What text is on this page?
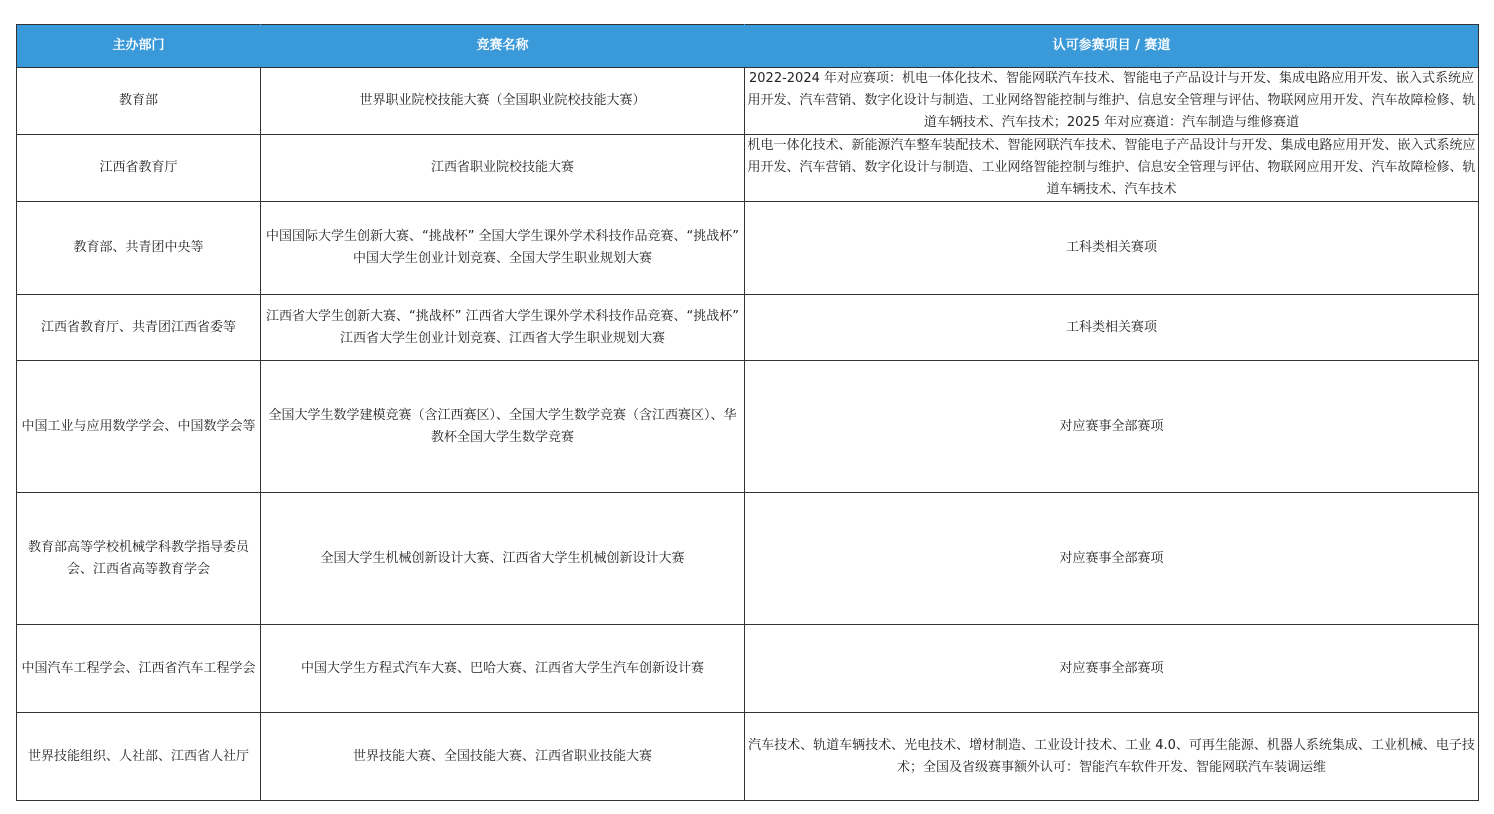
主办部门	竞赛名称	认可参赛项目 / 赛道
教育部	世界职业院校技能大赛（全国职业院校技能大赛）	2022-2024 年对应赛项：机电一体化技术、智能网联汽车技术、智能电子产品设计与开发、集成电路应用开发、嵌入式系统应用开发、汽车营销、数字化设计与制造、工业网络智能控制与维护、信息安全管理与评估、物联网应用开发、汽车故障检修、轨道车辆技术、汽车技术；2025 年对应赛道：汽车制造与维修赛道
江西省教育厅	江西省职业院校技能大赛	机电一体化技术、新能源汽车整车装配技术、智能网联汽车技术、智能电子产品设计与开发、集成电路应用开发、嵌入式系统应用开发、汽车营销、数字化设计与制造、工业网络智能控制与维护、信息安全管理与评估、物联网应用开发、汽车故障检修、轨道车辆技术、汽车技术
教育部、共青团中央等	中国国际大学生创新大赛、“挑战杯” 全国大学生课外学术科技作品竞赛、“挑战杯” 中国大学生创业计划竞赛、全国大学生职业规划大赛	工科类相关赛项
江西省教育厅、共青团江西省委等	江西省大学生创新大赛、“挑战杯” 江西省大学生课外学术科技作品竞赛、“挑战杯” 江西省大学生创业计划竞赛、江西省大学生职业规划大赛	工科类相关赛项
中国工业与应用数学学会、中国数学会等	全国大学生数学建模竞赛（含江西赛区）、全国大学生数学竞赛（含江西赛区）、华教杯全国大学生数学竞赛	对应赛事全部赛项
教育部高等学校机械学科教学指导委员会、江西省高等教育学会	全国大学生机械创新设计大赛、江西省大学生机械创新设计大赛	对应赛事全部赛项
中国汽车工程学会、江西省汽车工程学会	中国大学生方程式汽车大赛、巴哈大赛、江西省大学生汽车创新设计赛	对应赛事全部赛项
世界技能组织、人社部、江西省人社厅	世界技能大赛、全国技能大赛、江西省职业技能大赛	汽车技术、轨道车辆技术、光电技术、增材制造、工业设计技术、工业 4.0、可再生能源、机器人系统集成、工业机械、电子技术；全国及省级赛事额外认可：智能汽车软件开发、智能网联汽车装调运维
